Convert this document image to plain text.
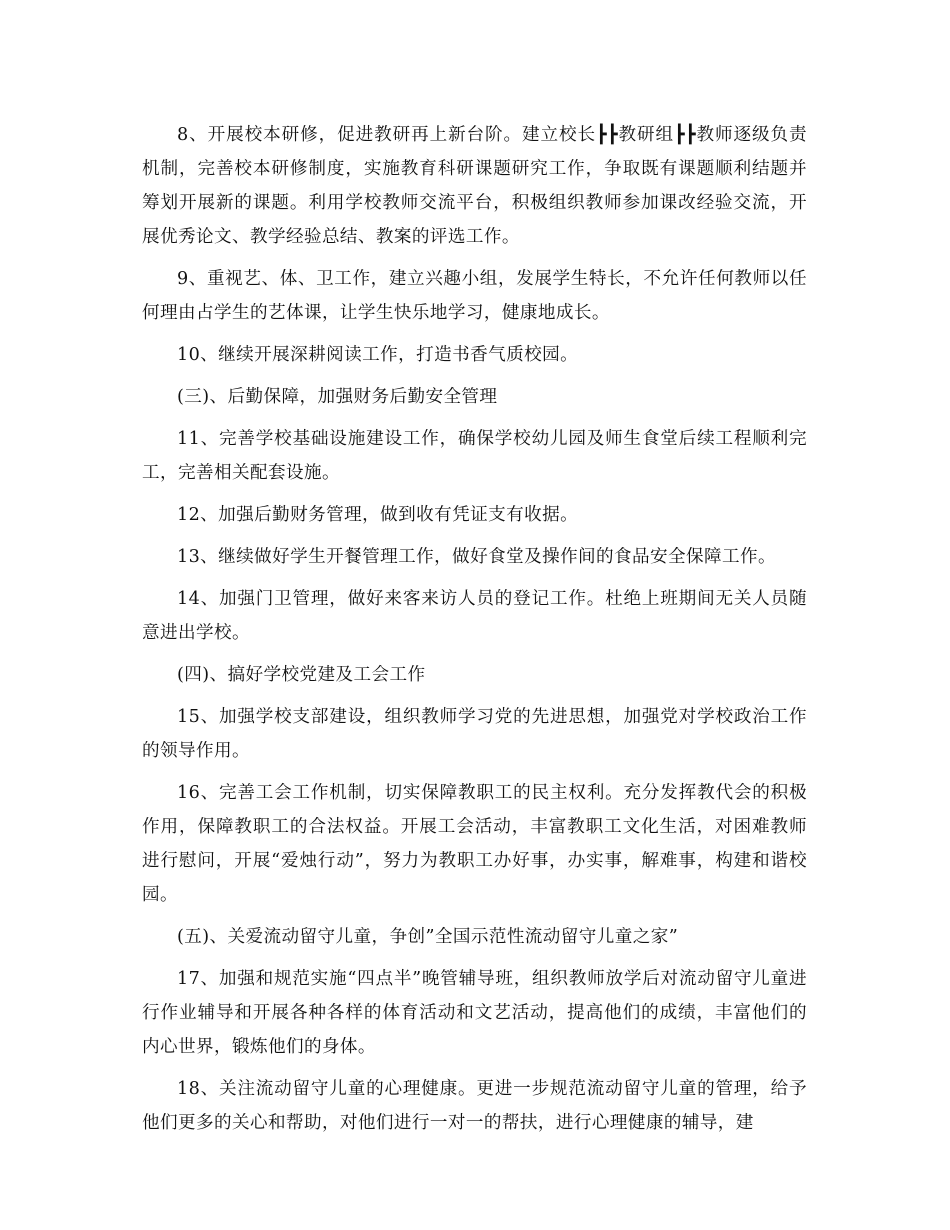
8、开展校本研修，促进教研再上新台阶。建立校长┣┣教研组┣┣教师逐级负责机制，完善校本研修制度，实施教育科研课题研究工作，争取既有课题顺利结题并筹划开展新的课题。利用学校教师交流平台，积极组织教师参加课改经验交流，开展优秀论文、教学经验总结、教案的评选工作。

9、重视艺、体、卫工作，建立兴趣小组，发展学生特长，不允许任何教师以任何理由占学生的艺体课，让学生快乐地学习，健康地成长。

10、继续开展深耕阅读工作，打造书香气质校园。

(三)、后勤保障，加强财务后勤安全管理

11、完善学校基础设施建设工作，确保学校幼儿园及师生食堂后续工程顺利完工，完善相关配套设施。

12、加强后勤财务管理，做到收有凭证支有收据。

13、继续做好学生开餐管理工作，做好食堂及操作间的食品安全保障工作。

14、加强门卫管理，做好来客来访人员的登记工作。杜绝上班期间无关人员随意进出学校。

(四)、搞好学校党建及工会工作

15、加强学校支部建设，组织教师学习党的先进思想，加强党对学校政治工作的领导作用。

16、完善工会工作机制，切实保障教职工的民主权利。充分发挥教代会的积极作用，保障教职工的合法权益。开展工会活动，丰富教职工文化生活，对困难教师进行慰问，开展“爱烛行动”，努力为教职工办好事，办实事，解难事，构建和谐校园。

(五)、关爱流动留守儿童，争创”全国示范性流动留守儿童之家”

17、加强和规范实施“四点半”晚管辅导班，组织教师放学后对流动留守儿童进行作业辅导和开展各种各样的体育活动和文艺活动，提高他们的成绩，丰富他们的内心世界，锻炼他们的身体。

18、关注流动留守儿童的心理健康。更进一步规范流动留守儿童的管理，给予他们更多的关心和帮助，对他们进行一对一的帮扶，进行心理健康的辅导，建
